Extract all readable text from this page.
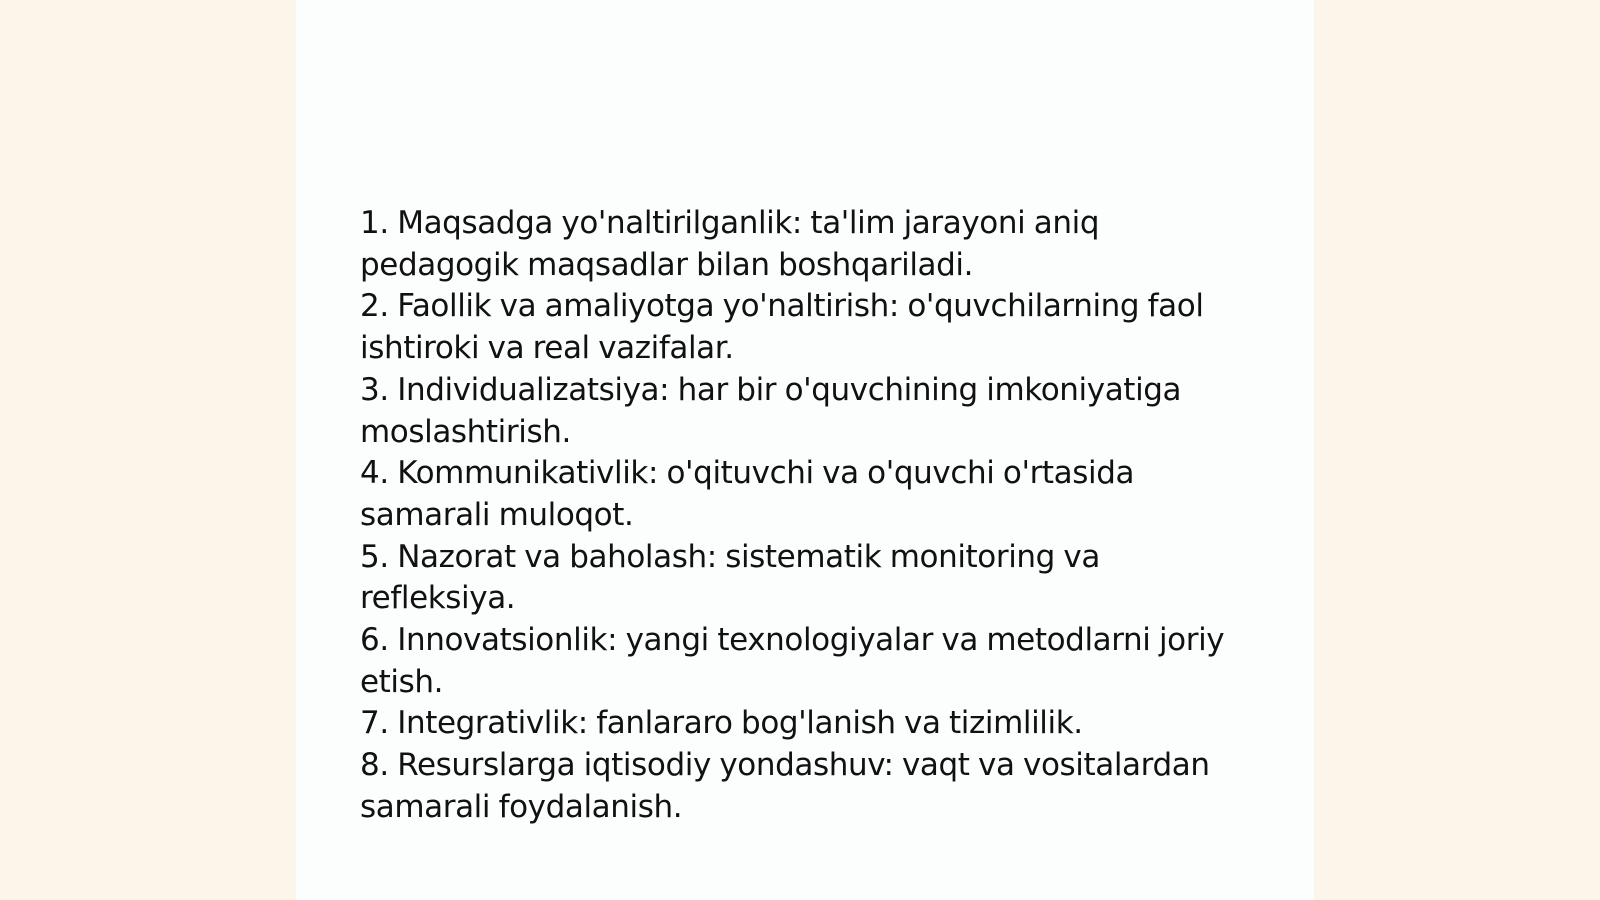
1. Maqsadga yo'naltirilganlik: ta'lim jarayoni aniq pedagogik maqsadlar bilan boshqariladi.
2. Faollik va amaliyotga yo'naltirish: o'quvchilarning faol ishtiroki va real vazifalar.
3. Individualizatsiya: har bir o'quvchining imkoniyatiga moslashtirish.
4. Kommunikativlik: o'qituvchi va o'quvchi o'rtasida samarali muloqot.
5. Nazorat va baholash: sistematik monitoring va refleksiya.
6. Innovatsionlik: yangi texnologiyalar va metodlarni joriy etish.
7. Integrativlik: fanlararo bog'lanish va tizimlilik.
8. Resurslarga iqtisodiy yondashuv: vaqt va vositalardan samarali foydalanish.
